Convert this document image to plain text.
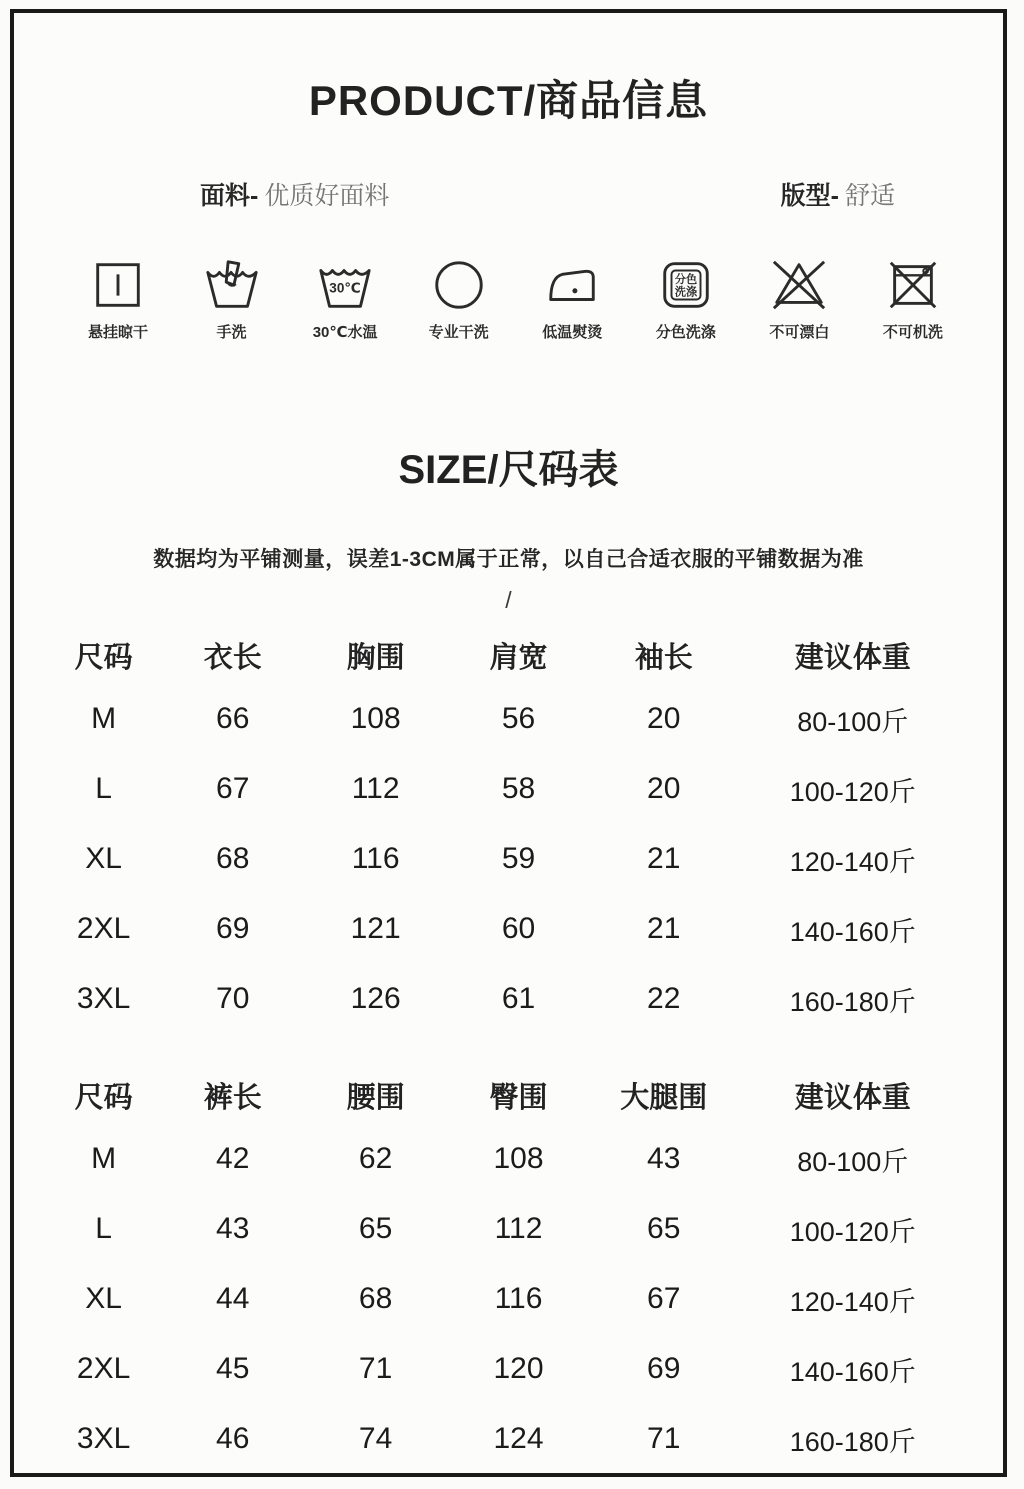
PRODUCT/商品信息
面料- 优质好面料	版型- 舒适
悬挂晾干	手洗
30℃
30℃水温	专业干洗	低温熨烫
分色
洗涤
分色洗涤	不可漂白	不可机洗
SIZE/尺码表

数据均为平铺测量，误差1-3CM属于正常，以自己合适衣服的平铺数据为准

/
尺码	衣长	胸围	肩宽	袖长	建议体重
M	66	108	56	20	80-100斤
L	67	112	58	20	100-120斤
XL	68	116	59	21	120-140斤
2XL	69	121	60	21	140-160斤
3XL	70	126	61	22	160-180斤
尺码	裤长	腰围	臀围	大腿围	建议体重
M	42	62	108	43	80-100斤
L	43	65	112	65	100-120斤
XL	44	68	116	67	120-140斤
2XL	45	71	120	69	140-160斤
3XL	46	74	124	71	160-180斤
